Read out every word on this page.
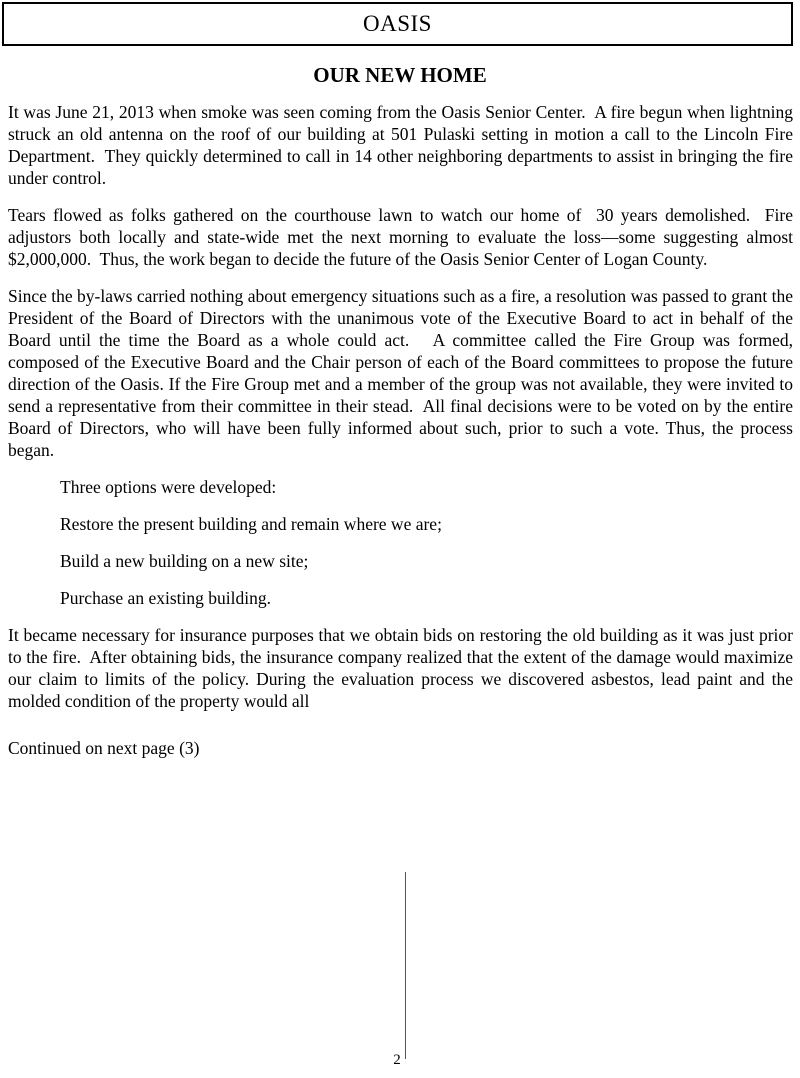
OASIS
OUR NEW HOME

It was June 21, 2013 when smoke was seen coming from the Oasis Senior Center.  A fire begun when lightning struck an old antenna on the roof of our building at 501 Pulaski setting in motion a call to the Lincoln Fire Department.  They quickly determined to call in 14 other neighboring departments to assist in bringing the fire under control.

Tears flowed as folks gathered on the courthouse lawn to watch our home of  30 years demolished.  Fire adjustors both locally and state-wide met the next morning to evaluate the loss—some suggesting almost $2,000,000.  Thus, the work began to decide the future of the Oasis Senior Center of Logan County.

Since the by-laws carried nothing about emergency situations such as a fire, a resolution was passed to grant the President of the Board of Directors with the unanimous vote of the Executive Board to act in behalf of the Board until the time the Board as a whole could act.   A committee called the Fire Group was formed, composed of the Executive Board and the Chair person of each of the Board committees to propose the future direction of the Oasis. If the Fire Group met and a member of the group was not available, they were invited to send a representative from their committee in their stead.  All final decisions were to be voted on by the entire Board of Directors, who will have been fully informed about such, prior to such a vote. Thus, the process began.

Three options were developed:

Restore the present building and remain where we are;

Build a new building on a new site;

Purchase an existing building.

It became necessary for insurance purposes that we obtain bids on restoring the old building as it was just prior to the fire.  After obtaining bids, the insurance company realized that the extent of the damage would maximize our claim to limits of the policy. During the evaluation process we discovered asbestos, lead paint and the molded condition of the property would all

Continued on next page (3)

2
